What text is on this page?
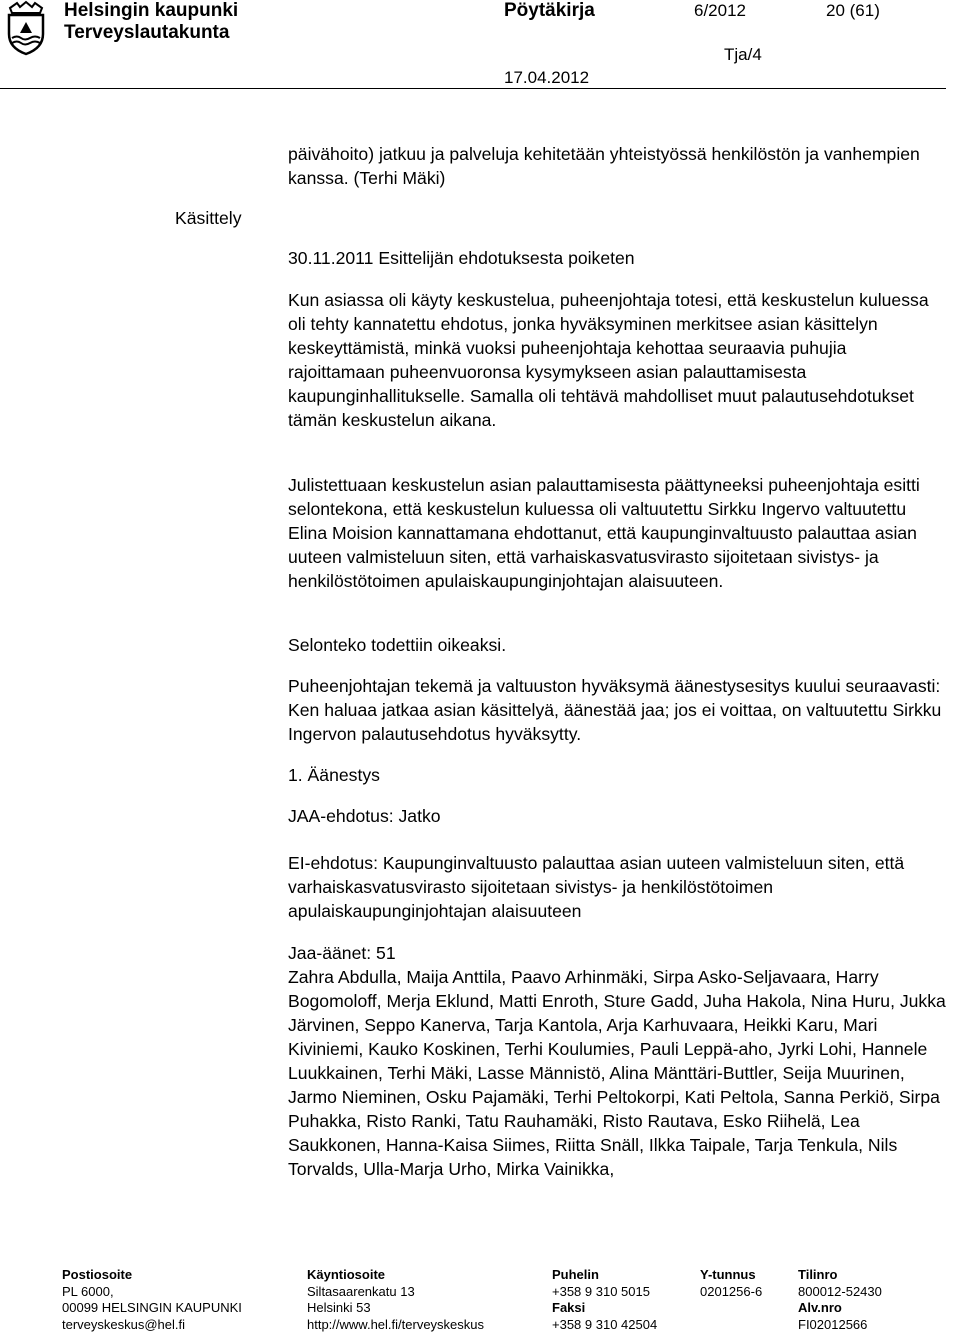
Helsingin kaupunki
Terveyslautakunta
Pöytäkirja	6/2012	20 (61)
Tja/4
17.04.2012
päivähoito) jatkuu ja palveluja kehitetään yhteistyössä henkilöstön ja vanhempien kanssa. (Terhi Mäki)
Käsittely
30.11.2011 Esittelijän ehdotuksesta poiketen
Kun asiassa oli käyty keskustelua, puheenjohtaja totesi, että keskustelun kuluessa oli tehty kannatettu ehdotus, jonka hyväksyminen merkitsee asian käsittelyn keskeyttämistä, minkä vuoksi puheenjohtaja kehottaa seuraavia puhujia rajoittamaan puheenvuoronsa kysymykseen asian palauttamisesta kaupunginhallitukselle. Samalla oli tehtävä mahdolliset muut palautusehdotukset tämän keskustelun aikana.
Julistettuaan keskustelun asian palauttamisesta päättyneeksi puheenjohtaja esitti selontekona, että keskustelun kuluessa oli valtuutettu Sirkku Ingervo valtuutettu Elina Moision kannattamana ehdottanut, että kaupunginvaltuusto palauttaa asian uuteen valmisteluun siten, että varhaiskasvatusvirasto sijoitetaan sivistys- ja henkilöstötoimen apulaiskaupunginjohtajan alaisuuteen.
Selonteko todettiin oikeaksi.
Puheenjohtajan tekemä ja valtuuston hyväksymä äänestysesitys kuului seuraavasti: Ken haluaa jatkaa asian käsittelyä, äänestää jaa; jos ei voittaa, on valtuutettu Sirkku Ingervon palautusehdotus hyväksytty.
1. Äänestys
JAA-ehdotus: Jatko
EI-ehdotus: Kaupunginvaltuusto palauttaa asian uuteen valmisteluun siten, että varhaiskasvatusvirasto sijoitetaan sivistys- ja henkilöstötoimen apulaiskaupunginjohtajan alaisuuteen
Jaa-äänet: 51
Zahra Abdulla, Maija Anttila, Paavo Arhinmäki, Sirpa Asko-Seljavaara, Harry Bogomoloff, Merja Eklund, Matti Enroth, Sture Gadd, Juha Hakola, Nina Huru, Jukka Järvinen, Seppo Kanerva, Tarja Kantola, Arja Karhuvaara, Heikki Karu, Mari Kiviniemi, Kauko Koskinen, Terhi Koulumies, Pauli Leppä-aho, Jyrki Lohi, Hannele Luukkainen, Terhi Mäki, Lasse Männistö, Alina Mänttäri-Buttler, Seija Muurinen, Jarmo Nieminen, Osku Pajamäki, Terhi Peltokorpi, Kati Peltola, Sanna Perkiö, Sirpa Puhakka, Risto Ranki, Tatu Rauhamäki, Risto Rautava, Esko Riihelä, Lea Saukkonen, Hanna-Kaisa Siimes, Riitta Snäll, Ilkka Taipale, Tarja Tenkula, Nils Torvalds, Ulla-Marja Urho, Mirka Vainikka,
Postiosoite
PL 6000,
00099 HELSINGIN KAUPUNKI
terveyskeskus@hel.fi
Käyntiosoite
Siltasaarenkatu 13
Helsinki 53
http://www.hel.fi/terveyskeskus
Puhelin
+358 9 310 5015
Faksi
+358 9 310 42504
Y-tunnus
0201256-6
Tilinro
800012-52430
Alv.nro
FI02012566
